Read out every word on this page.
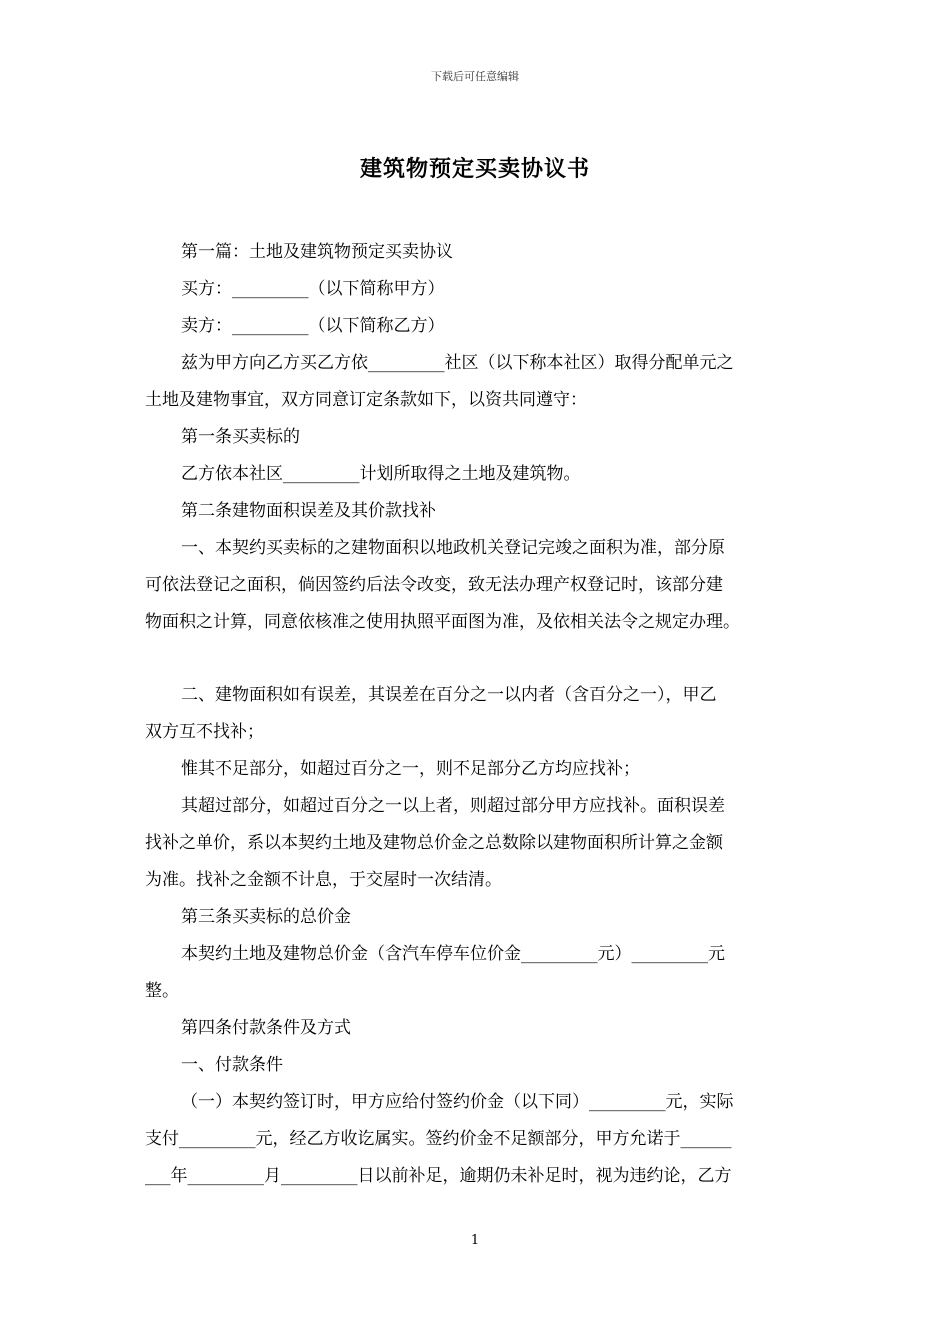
下载后可任意编辑
建筑物预定买卖协议书
第一篇：土地及建筑物预定买卖协议
买方：_________（以下简称甲方）
卖方：_________（以下简称乙方）
兹为甲方向乙方买乙方依_________社区（以下称本社区）取得分配单元之
土地及建物事宜，双方同意订定条款如下，以资共同遵守：
第一条买卖标的
乙方依本社区_________计划所取得之土地及建筑物。
第二条建物面积误差及其价款找补
一、本契约买卖标的之建物面积以地政机关登记完竣之面积为准，部分原
可依法登记之面积，倘因签约后法令改变，致无法办理产权登记时，该部分建
物面积之计算，同意依核准之使用执照平面图为准，及依相关法令之规定办理。
二、建物面积如有误差，其误差在百分之一以内者（含百分之一），甲乙
双方互不找补；
惟其不足部分，如超过百分之一，则不足部分乙方均应找补；
其超过部分，如超过百分之一以上者，则超过部分甲方应找补。面积误差
找补之单价，系以本契约土地及建物总价金之总数除以建物面积所计算之金额
为准。找补之金额不计息，于交屋时一次结清。
第三条买卖标的总价金
本契约土地及建物总价金（含汽车停车位价金_________元）_________元
整。
第四条付款条件及方式
一、付款条件
（一）本契约签订时，甲方应给付签约价金（以下同）_________元，实际
支付_________元，经乙方收讫属实。签约价金不足额部分，甲方允诺于______
___年_________月_________日以前补足，逾期仍未补足时，视为违约论，乙方
1
